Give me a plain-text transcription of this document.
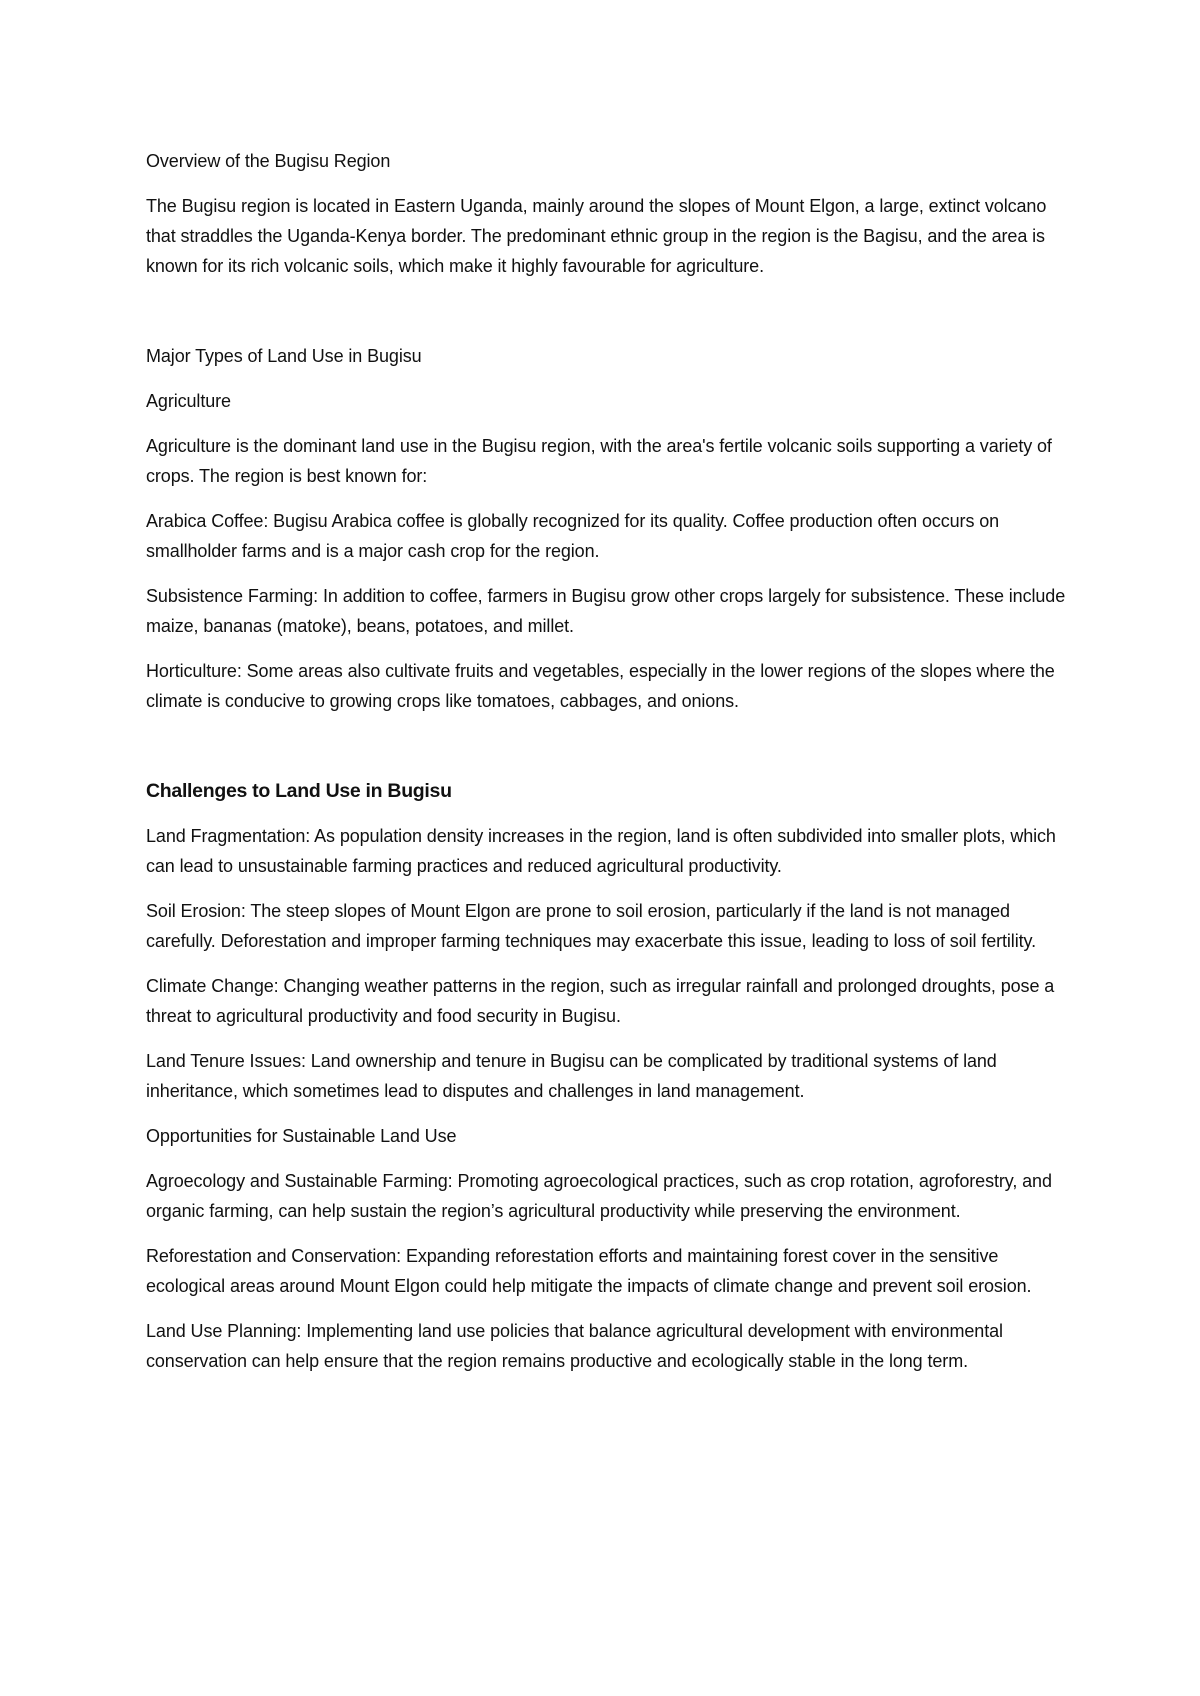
Overview of the Bugisu Region

The Bugisu region is located in Eastern Uganda, mainly around the slopes of Mount Elgon, a large, extinct volcano that straddles the Uganda-Kenya border. The predominant ethnic group in the region is the Bagisu, and the area is known for its rich volcanic soils, which make it highly favourable for agriculture.

Major Types of Land Use in Bugisu

Agriculture

Agriculture is the dominant land use in the Bugisu region, with the area's fertile volcanic soils supporting a variety of crops. The region is best known for:

Arabica Coffee: Bugisu Arabica coffee is globally recognized for its quality. Coffee production often occurs on smallholder farms and is a major cash crop for the region.

Subsistence Farming: In addition to coffee, farmers in Bugisu grow other crops largely for subsistence. These include maize, bananas (matoke), beans, potatoes, and millet.

Horticulture: Some areas also cultivate fruits and vegetables, especially in the lower regions of the slopes where the climate is conducive to growing crops like tomatoes, cabbages, and onions.

Challenges to Land Use in Bugisu

Land Fragmentation: As population density increases in the region, land is often subdivided into smaller plots, which can lead to unsustainable farming practices and reduced agricultural productivity.

Soil Erosion: The steep slopes of Mount Elgon are prone to soil erosion, particularly if the land is not managed carefully. Deforestation and improper farming techniques may exacerbate this issue, leading to loss of soil fertility.

Climate Change: Changing weather patterns in the region, such as irregular rainfall and prolonged droughts, pose a threat to agricultural productivity and food security in Bugisu.

Land Tenure Issues: Land ownership and tenure in Bugisu can be complicated by traditional systems of land inheritance, which sometimes lead to disputes and challenges in land management.

Opportunities for Sustainable Land Use

Agroecology and Sustainable Farming: Promoting agroecological practices, such as crop rotation, agroforestry, and organic farming, can help sustain the region’s agricultural productivity while preserving the environment.

Reforestation and Conservation: Expanding reforestation efforts and maintaining forest cover in the sensitive ecological areas around Mount Elgon could help mitigate the impacts of climate change and prevent soil erosion.

Land Use Planning: Implementing land use policies that balance agricultural development with environmental conservation can help ensure that the region remains productive and ecologically stable in the long term.
